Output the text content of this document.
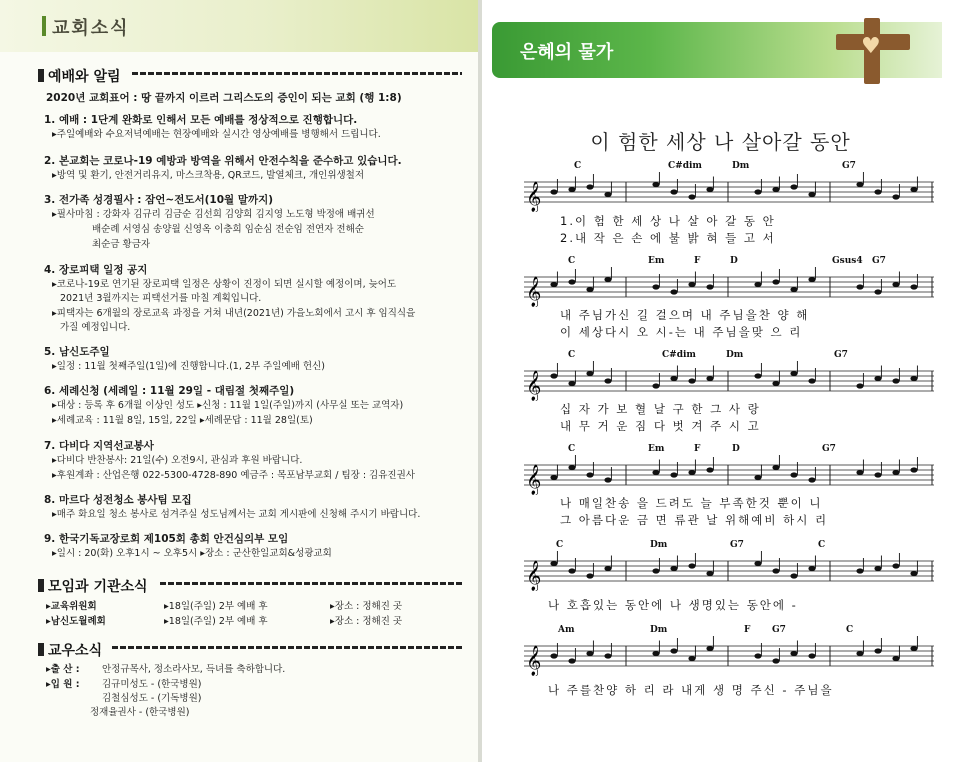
교회소식
예배와 알림
2020년 교회표어 : 땅 끝까지 이르러 그리스도의 증인이 되는 교회 (행 1:8)
1. 예배 : 1단계 완화로 인해서 모든 예배를 정상적으로 진행합니다.
▸주일예배와 수요저녁예배는 현장예배와 실시간 영상예배를 병행해서 드립니다.
2. 본교회는 코로나-19 예방과 방역을 위해서 안전수칙을 준수하고 있습니다.
▸방역 및 환기, 안전거리유지, 마스크착용, QR코드, 발열체크, 개인위생철저
3. 전가족 성경필사 : 잠언~전도서(10월 말까지)
▸필사마침 : 강화자 김규리 김금순 김선희 김양희 김지영 노도형 박정애 배귀선
배순례 서영심 송양월 신영옥 이충희 임순심 전순임 전연자 전해순
최순금 황금자
4. 장로피택 일정 공지
▸코로나-19로 연기된 장로피택 일정은 상황이 진정이 되면 실시할 예정이며, 늦어도
2021년 3월까지는 피택선거를 마칠 계획입니다.
▸피택자는 6개월의 장로교육 과정을 거쳐 내년(2021년) 가을노회에서 고시 후 임직식을
가질 예정입니다.
5. 남신도주일
▸일정 : 11월 첫째주일(1일)에 진행합니다.(1, 2부 주일예배 헌신)
6. 세례신청 (세례일 : 11월 29일 - 대림절 첫째주일)
▸대상 : 등록 후 6개월 이상인 성도 ▸신청 : 11월 1일(주일)까지 (사무실 또는 교역자)
▸세례교육 : 11월 8일, 15일, 22일 ▸세례문답 : 11월 28일(토)
7. 다비다 지역선교봉사
▸다비다 반찬봉사: 21일(수) 오전9시, 관심과 후원 바랍니다.
▸후원계좌 : 산업은행 022-5300-4728-890 예금주 : 목포남부교회 / 팀장 : 김유진권사
8. 마르다 성전청소 봉사팀 모집
▸매주 화요일 청소 봉사로 섬겨주실 성도님께서는 교회 게시판에 신청해 주시기 바랍니다.
9. 한국기독교장로회 제105회 총회 안건심의부 모임
▸일시 : 20(화) 오후1시 ~ 오후5시 ▸장소 : 군산한일교회&성광교회
모임과 기관소식
▸교육위원회	▸18일(주일) 2부 예배 후	▸장소 : 정해진 곳
▸남신도월례회	▸18일(주일) 2부 예배 후	▸장소 : 정해진 곳
교우소식
▸출 산 : 안정규목사, 정소라사모, 득녀를 축하합니다.
▸입 원 : 김규미성도 - (한국병원)
김철심성도 - (기독병원)
정재율권사 - (한국병원)
은혜의 물가	♥
이 험한 세상 나 살아갈 동안
C	C#dim	Dm	G7
𝄞
1.이 험 한 세 상 나 살 아 갈 동 안
2.내 작 은 손 에 불 밝 혀 들 고 서
C	Em	F	D	Gsus4 G7
𝄞
내 주님가신 길 걸으며 내 주님을찬 양 해
이 세상다시 오 시-는 내 주님을맞 으 리
C	C#dim	Dm	G7
𝄞
십 자 가 보 혈 날 구 한 그 사 랑
내 무 거 운 짐 다 벗 겨 주 시 고
C	Em	F	D	G7
𝄞
나 매일찬송 을 드려도 늘 부족한것 뿐이 니
그 아름다운 금 면 류관 날 위해예비 하시 리
C	Dm	G7	C
𝄞
나 호흡있는 동안에 나 생명있는 동안에 -
Am	Dm	F G7	C
𝄞
나 주를찬양 하 리 라 내게 생 명 주신 - 주님을
